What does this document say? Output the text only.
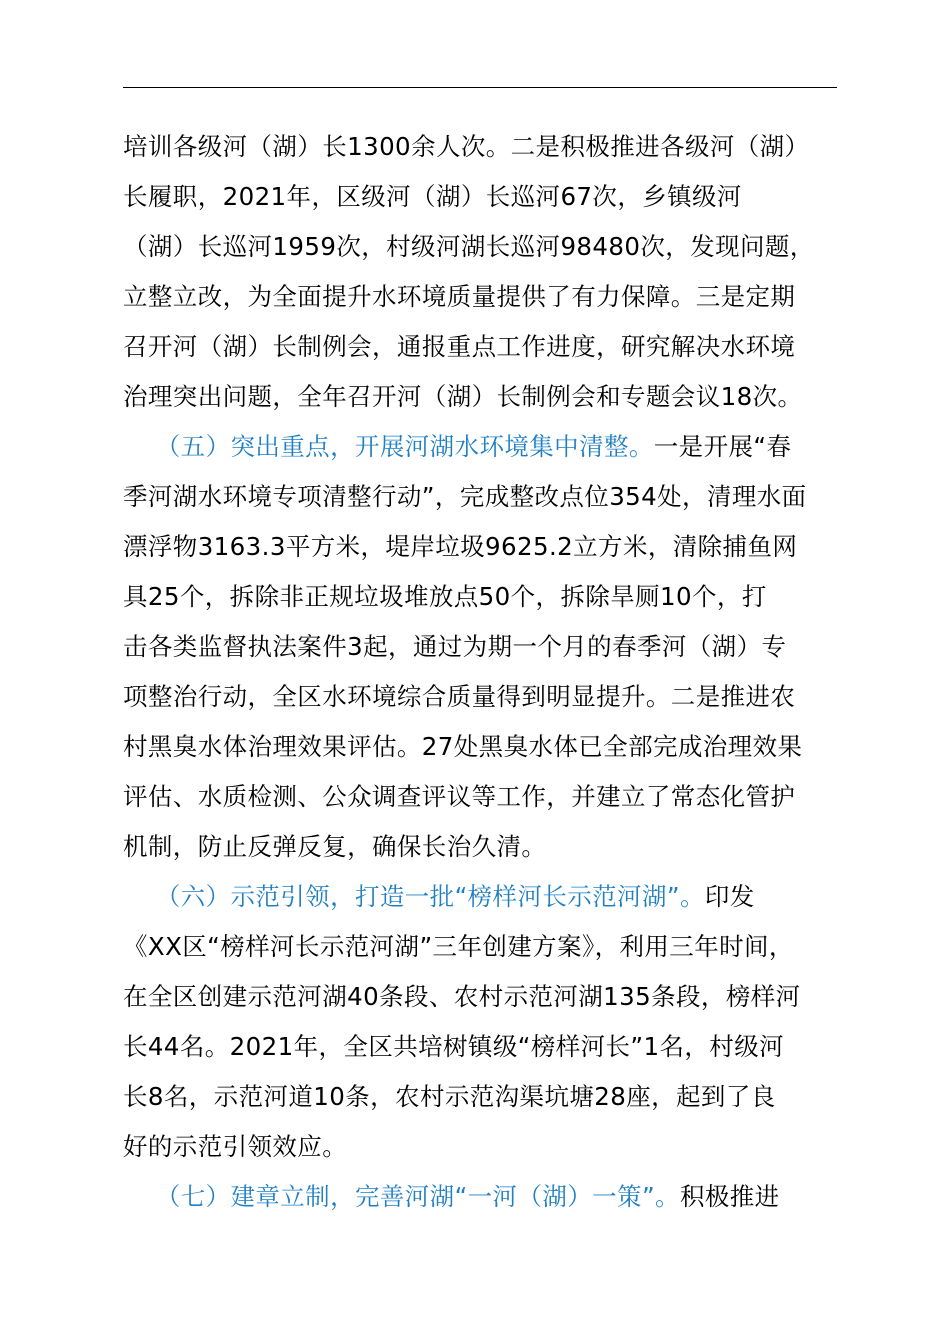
培训各级河（湖）长1300余人次。二是积极推进各级河（湖）
长履职，2021年，区级河（湖）长巡河67次，乡镇级河
（湖）长巡河1959次，村级河湖长巡河98480次，发现问题，
立整立改，为全面提升水环境质量提供了有力保障。三是定期
召开河（湖）长制例会，通报重点工作进度，研究解决水环境
治理突出问题，全年召开河（湖）长制例会和专题会议18次。
（五）突出重点，开展河湖水环境集中清整。一是开展“春
季河湖水环境专项清整行动”，完成整改点位354处，清理水面
漂浮物3163.3平方米，堤岸垃圾9625.2立方米，清除捕鱼网
具25个，拆除非正规垃圾堆放点50个，拆除旱厕10个，打
击各类监督执法案件3起，通过为期一个月的春季河（湖）专
项整治行动，全区水环境综合质量得到明显提升。二是推进农
村黑臭水体治理效果评估。27处黑臭水体已全部完成治理效果
评估、水质检测、公众调查评议等工作，并建立了常态化管护
机制，防止反弹反复，确保长治久清。
（六）示范引领，打造一批“榜样河长示范河湖”。印发
《XX区“榜样河长示范河湖”三年创建方案》，利用三年时间，
在全区创建示范河湖40条段、农村示范河湖135条段，榜样河
长44名。2021年，全区共培树镇级“榜样河长”1名，村级河
长8名，示范河道10条，农村示范沟渠坑塘28座，起到了良
好的示范引领效应。
（七）建章立制，完善河湖“一河（湖）一策”。积极推进
